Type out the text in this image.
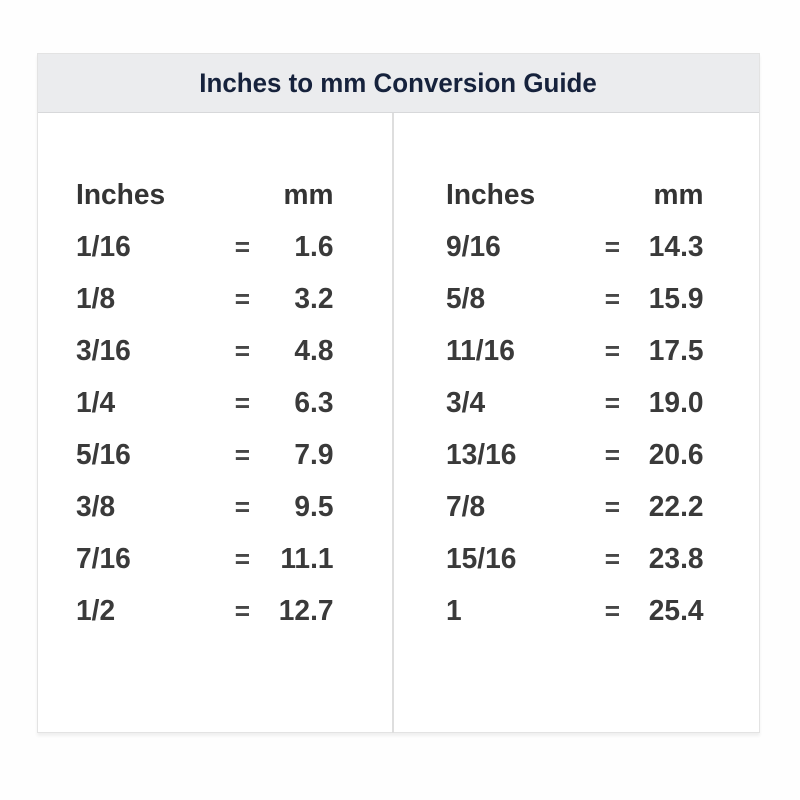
Inches to mm Conversion Guide
Inches	mm
1/16	=	1.6
1/8	=	3.2
3/16	=	4.8
1/4	=	6.3
5/16	=	7.9
3/8	=	9.5
7/16	=	11.1
1/2	= 12.7
Inches	mm
9/16	= 14.3
5/8	= 15.9
11/16	= 17.5
3/4	= 19.0
13/16	= 20.6
7/8	= 22.2
15/16	= 23.8
1	= 25.4
